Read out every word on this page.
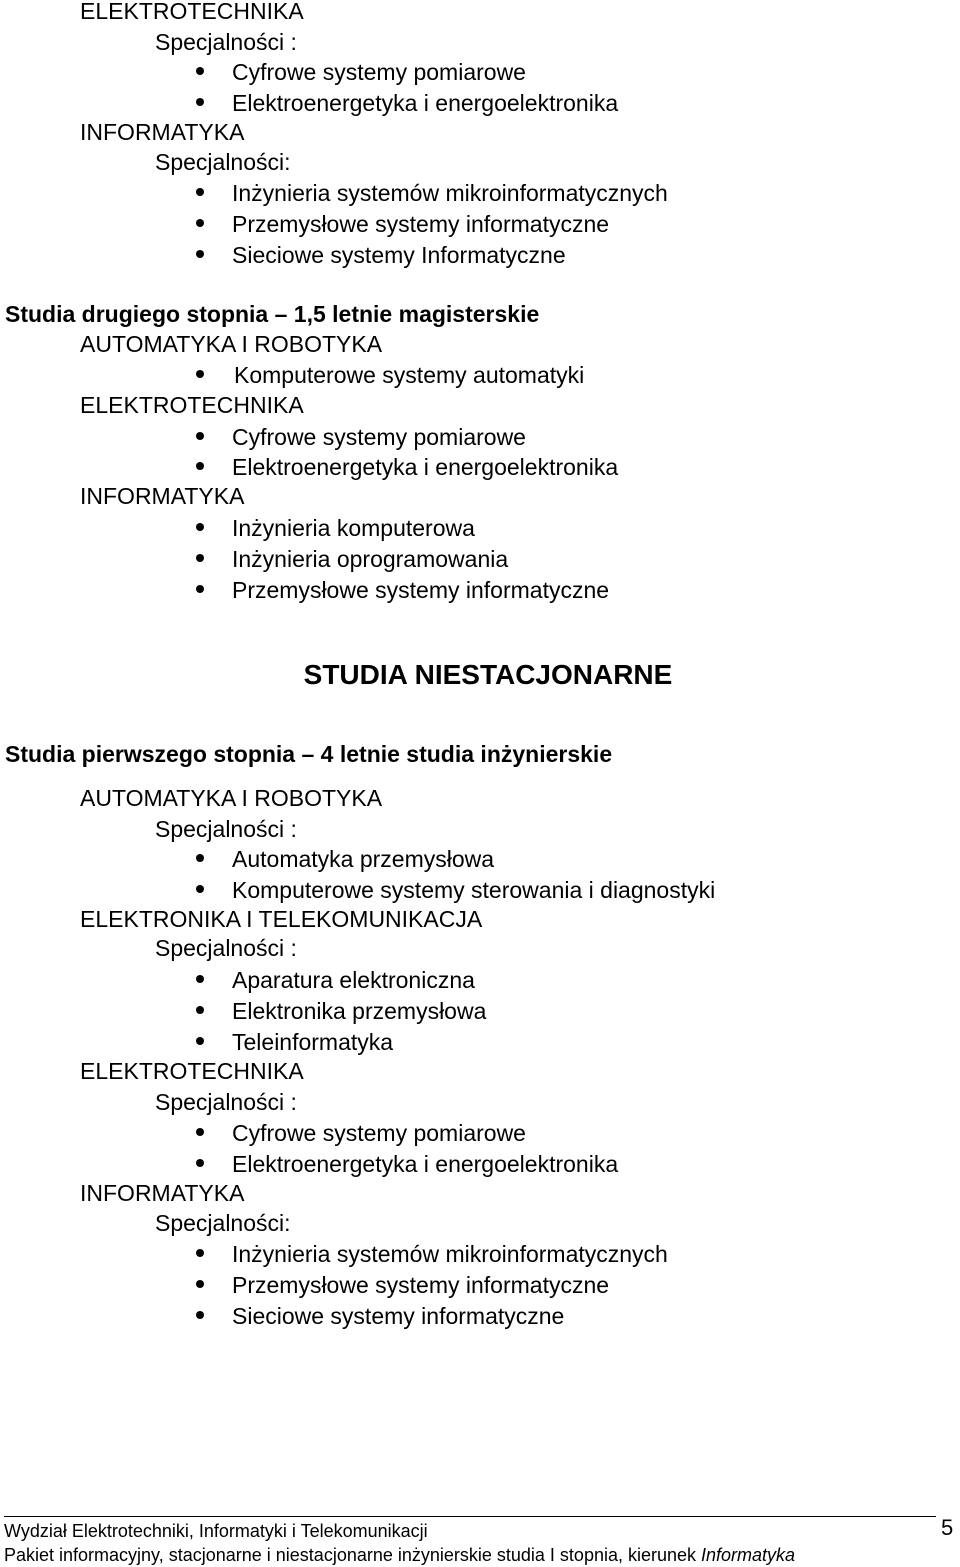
ELEKTROTECHNIKA
Specjalności :
Cyfrowe systemy pomiarowe
Elektroenergetyka i energoelektronika
INFORMATYKA
Specjalności:
Inżynieria systemów mikroinformatycznych
Przemysłowe systemy informatyczne
Sieciowe systemy Informatyczne
Studia drugiego stopnia – 1,5 letnie magisterskie
AUTOMATYKA I ROBOTYKA
Komputerowe systemy automatyki
ELEKTROTECHNIKA
Cyfrowe systemy pomiarowe
Elektroenergetyka i energoelektronika
INFORMATYKA
Inżynieria komputerowa
Inżynieria oprogramowania
Przemysłowe systemy informatyczne
STUDIA NIESTACJONARNE
Studia pierwszego stopnia – 4 letnie studia inżynierskie
AUTOMATYKA I ROBOTYKA
Specjalności :
Automatyka przemysłowa
Komputerowe systemy sterowania i diagnostyki
ELEKTRONIKA I TELEKOMUNIKACJA
Specjalności :
Aparatura elektroniczna
Elektronika przemysłowa
Teleinformatyka
ELEKTROTECHNIKA
Specjalności :
Cyfrowe systemy pomiarowe
Elektroenergetyka i energoelektronika
INFORMATYKA
Specjalności:
Inżynieria systemów mikroinformatycznych
Przemysłowe systemy informatyczne
Sieciowe systemy informatyczne
Wydział Elektrotechniki, Informatyki i Telekomunikacji	5
Pakiet informacyjny, stacjonarne i niestacjonarne inżynierskie studia I stopnia, kierunek Informatyka
